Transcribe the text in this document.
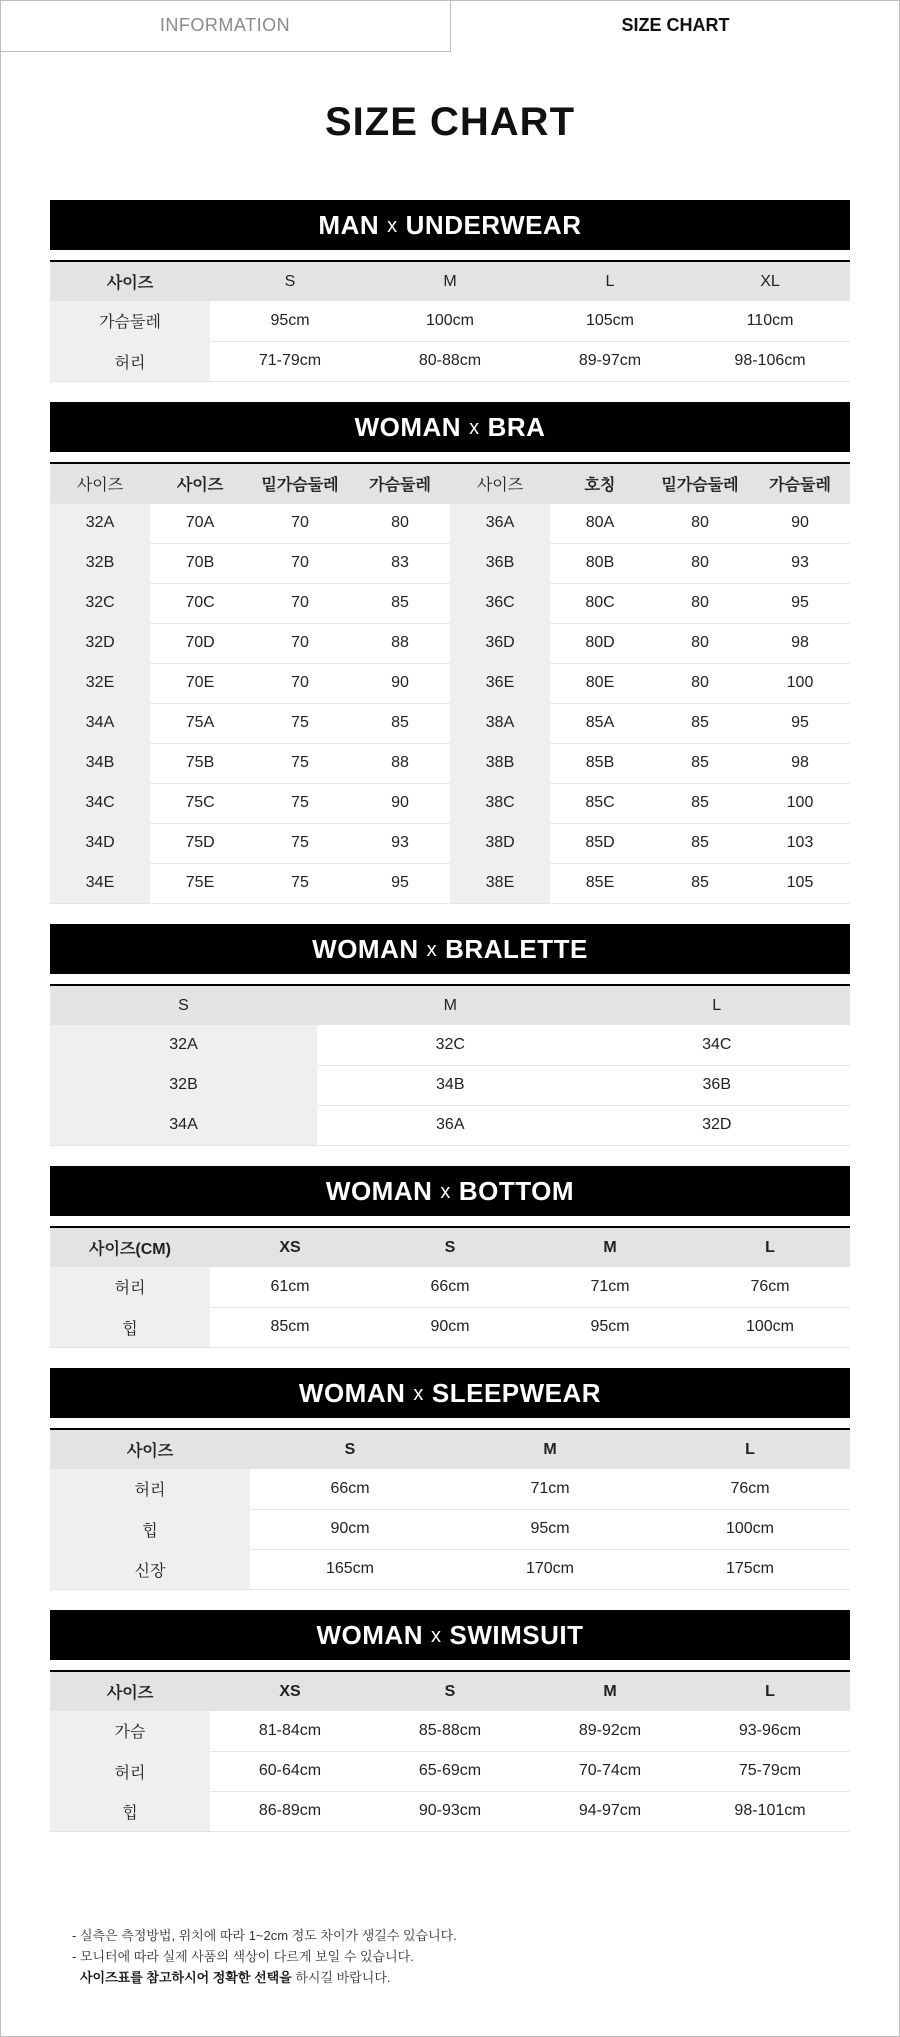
INFORMATION	SIZE CHART
SIZE CHART
MAN x UNDERWEAR
사이즈	S	M	L	XL
가슴둘레	95cm	100cm	105cm	110cm
허리	71-79cm	80-88cm	89-97cm	98-106cm
WOMAN x BRA
사이즈	사이즈	밑가슴둘레	가슴둘레	사이즈	호칭	밑가슴둘레	가슴둘레
32A	70A	70	80	36A	80A	80	90
32B	70B	70	83	36B	80B	80	93
32C	70C	70	85	36C	80C	80	95
32D	70D	70	88	36D	80D	80	98
32E	70E	70	90	36E	80E	80	100
34A	75A	75	85	38A	85A	85	95
34B	75B	75	88	38B	85B	85	98
34C	75C	75	90	38C	85C	85	100
34D	75D	75	93	38D	85D	85	103
34E	75E	75	95	38E	85E	85	105
WOMAN x BRALETTE
S	M	L
32A	32C	34C
32B	34B	36B
34A	36A	32D
WOMAN x BOTTOM
사이즈(CM)	XS	S	M	L
허리	61cm	66cm	71cm	76cm
힙	85cm	90cm	95cm	100cm
WOMAN x SLEEPWEAR
사이즈	S	M	L
허리	66cm	71cm	76cm
힙	90cm	95cm	100cm
신장	165cm	170cm	175cm
WOMAN x SWIMSUIT
사이즈	XS	S	M	L
가슴	81-84cm	85-88cm	89-92cm	93-96cm
허리	60-64cm	65-69cm	70-74cm	75-79cm
힙	86-89cm	90-93cm	94-97cm	98-101cm
- 실측은 측정방법, 위치에 따라 1~2cm 정도 차이가 생길수 있습니다.
- 모니터에 따라 실제 사품의 색상이 다르게 보일 수 있습니다.
사이즈표를 참고하시어 정확한 선택을 하시길 바랍니다.
